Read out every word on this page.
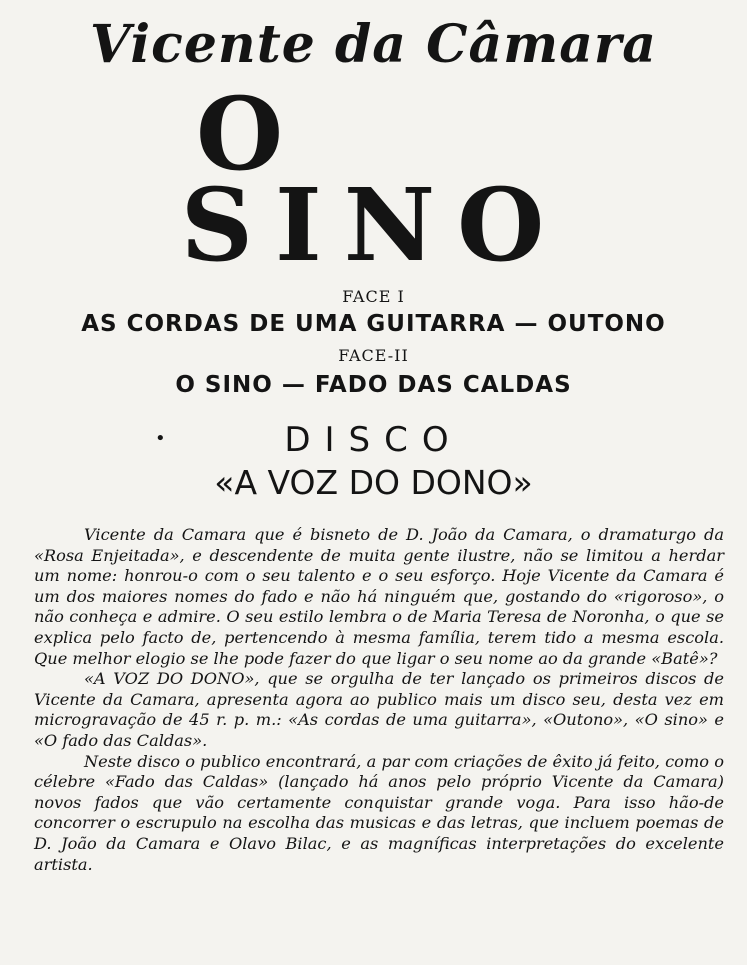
Vicente da Câmara
O
SINO
FACE I
AS CORDAS DE UMA GUITARRA — OUTONO
FACE-II
O SINO — FADO DAS CALDAS
•	DISCO
«A VOZ DO DONO»

Vicente da Camara que é bisneto de D. João da Camara, o dramaturgo da «Rosa Enjeitada», e descendente de muita gente ilustre, não se limitou a herdar um nome: honrou-o com o seu talento e o seu esforço. Hoje Vicente da Camara é um dos maiores nomes do fado e não há ninguém que, gostando do «rigoroso», o não conheça e admire. O seu estilo lembra o de Maria Teresa de Noronha, o que se explica pelo facto de, pertencendo à mesma família, terem tido a mesma escola. Que melhor elogio se lhe pode fazer do que ligar o seu nome ao da grande «Batê»?

«A VOZ DO DONO», que se orgulha de ter lançado os primeiros discos de Vicente da Camara, apresenta agora ao publico mais um disco seu, desta vez em microgravação de 45 r. p. m.: «As cordas de uma guitarra», «Outono», «O sino» e «O fado das Caldas».

Neste disco o publico encontrará, a par com criações de êxito já feito, como o célebre «Fado das Caldas» (lançado há anos pelo próprio Vicente da Camara) novos fados que vão certamente conquistar grande voga. Para isso hão-de concorrer o escrupulo na escolha das musicas e das letras, que incluem poemas de D. João da Camara e Olavo Bilac, e as magníficas interpretações do excelente artista.
